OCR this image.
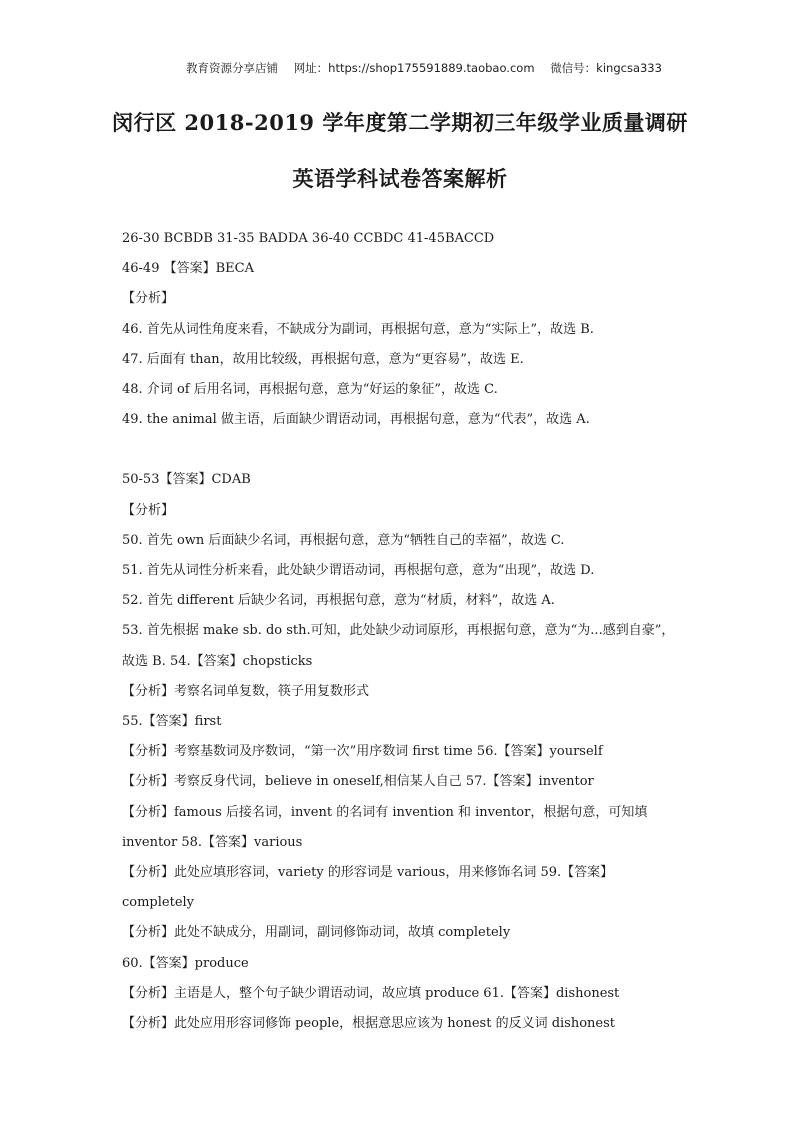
教育资源分享店铺 网址：https://shop175591889.taobao.com 微信号：kingcsa333
闵行区 2018-2019 学年度第二学期初三年级学业质量调研
英语学科试卷答案解析
26-30 BCBDB 31-35 BADDA 36-40 CCBDC 41-45BACCD
46-49 【答案】BECA
【分析】
46. 首先从词性角度来看，不缺成分为副词，再根据句意，意为“实际上”，故选 B.
47. 后面有 than，故用比较级，再根据句意，意为“更容易”，故选 E.
48. 介词 of 后用名词，再根据句意，意为“好运的象征”，故选 C.
49. the animal 做主语，后面缺少谓语动词，再根据句意，意为“代表”，故选 A.
50-53【答案】CDAB
【分析】
50. 首先 own 后面缺少名词，再根据句意，意为“牺牲自己的幸福”，故选 C.
51. 首先从词性分析来看，此处缺少谓语动词，再根据句意，意为“出现”，故选 D.
52. 首先 different 后缺少名词，再根据句意，意为“材质，材料”，故选 A.
53. 首先根据 make sb. do sth.可知，此处缺少动词原形，再根据句意，意为“为...感到自豪”，故选 B. 54.【答案】chopsticks
【分析】考察名词单复数，筷子用复数形式
55.【答案】first
【分析】考察基数词及序数词，“第一次”用序数词 first time 56.【答案】yourself
【分析】考察反身代词，believe in oneself,相信某人自己 57.【答案】inventor
【分析】famous 后接名词，invent 的名词有 invention 和 inventor，根据句意，可知填 inventor 58.【答案】various
【分析】此处应填形容词，variety 的形容词是 various，用来修饰名词 59.【答案】completely
【分析】此处不缺成分，用副词，副词修饰动词，故填 completely
60.【答案】produce
【分析】主语是人，整个句子缺少谓语动词，故应填 produce 61.【答案】dishonest
【分析】此处应用形容词修饰 people，根据意思应该为 honest 的反义词 dishonest
